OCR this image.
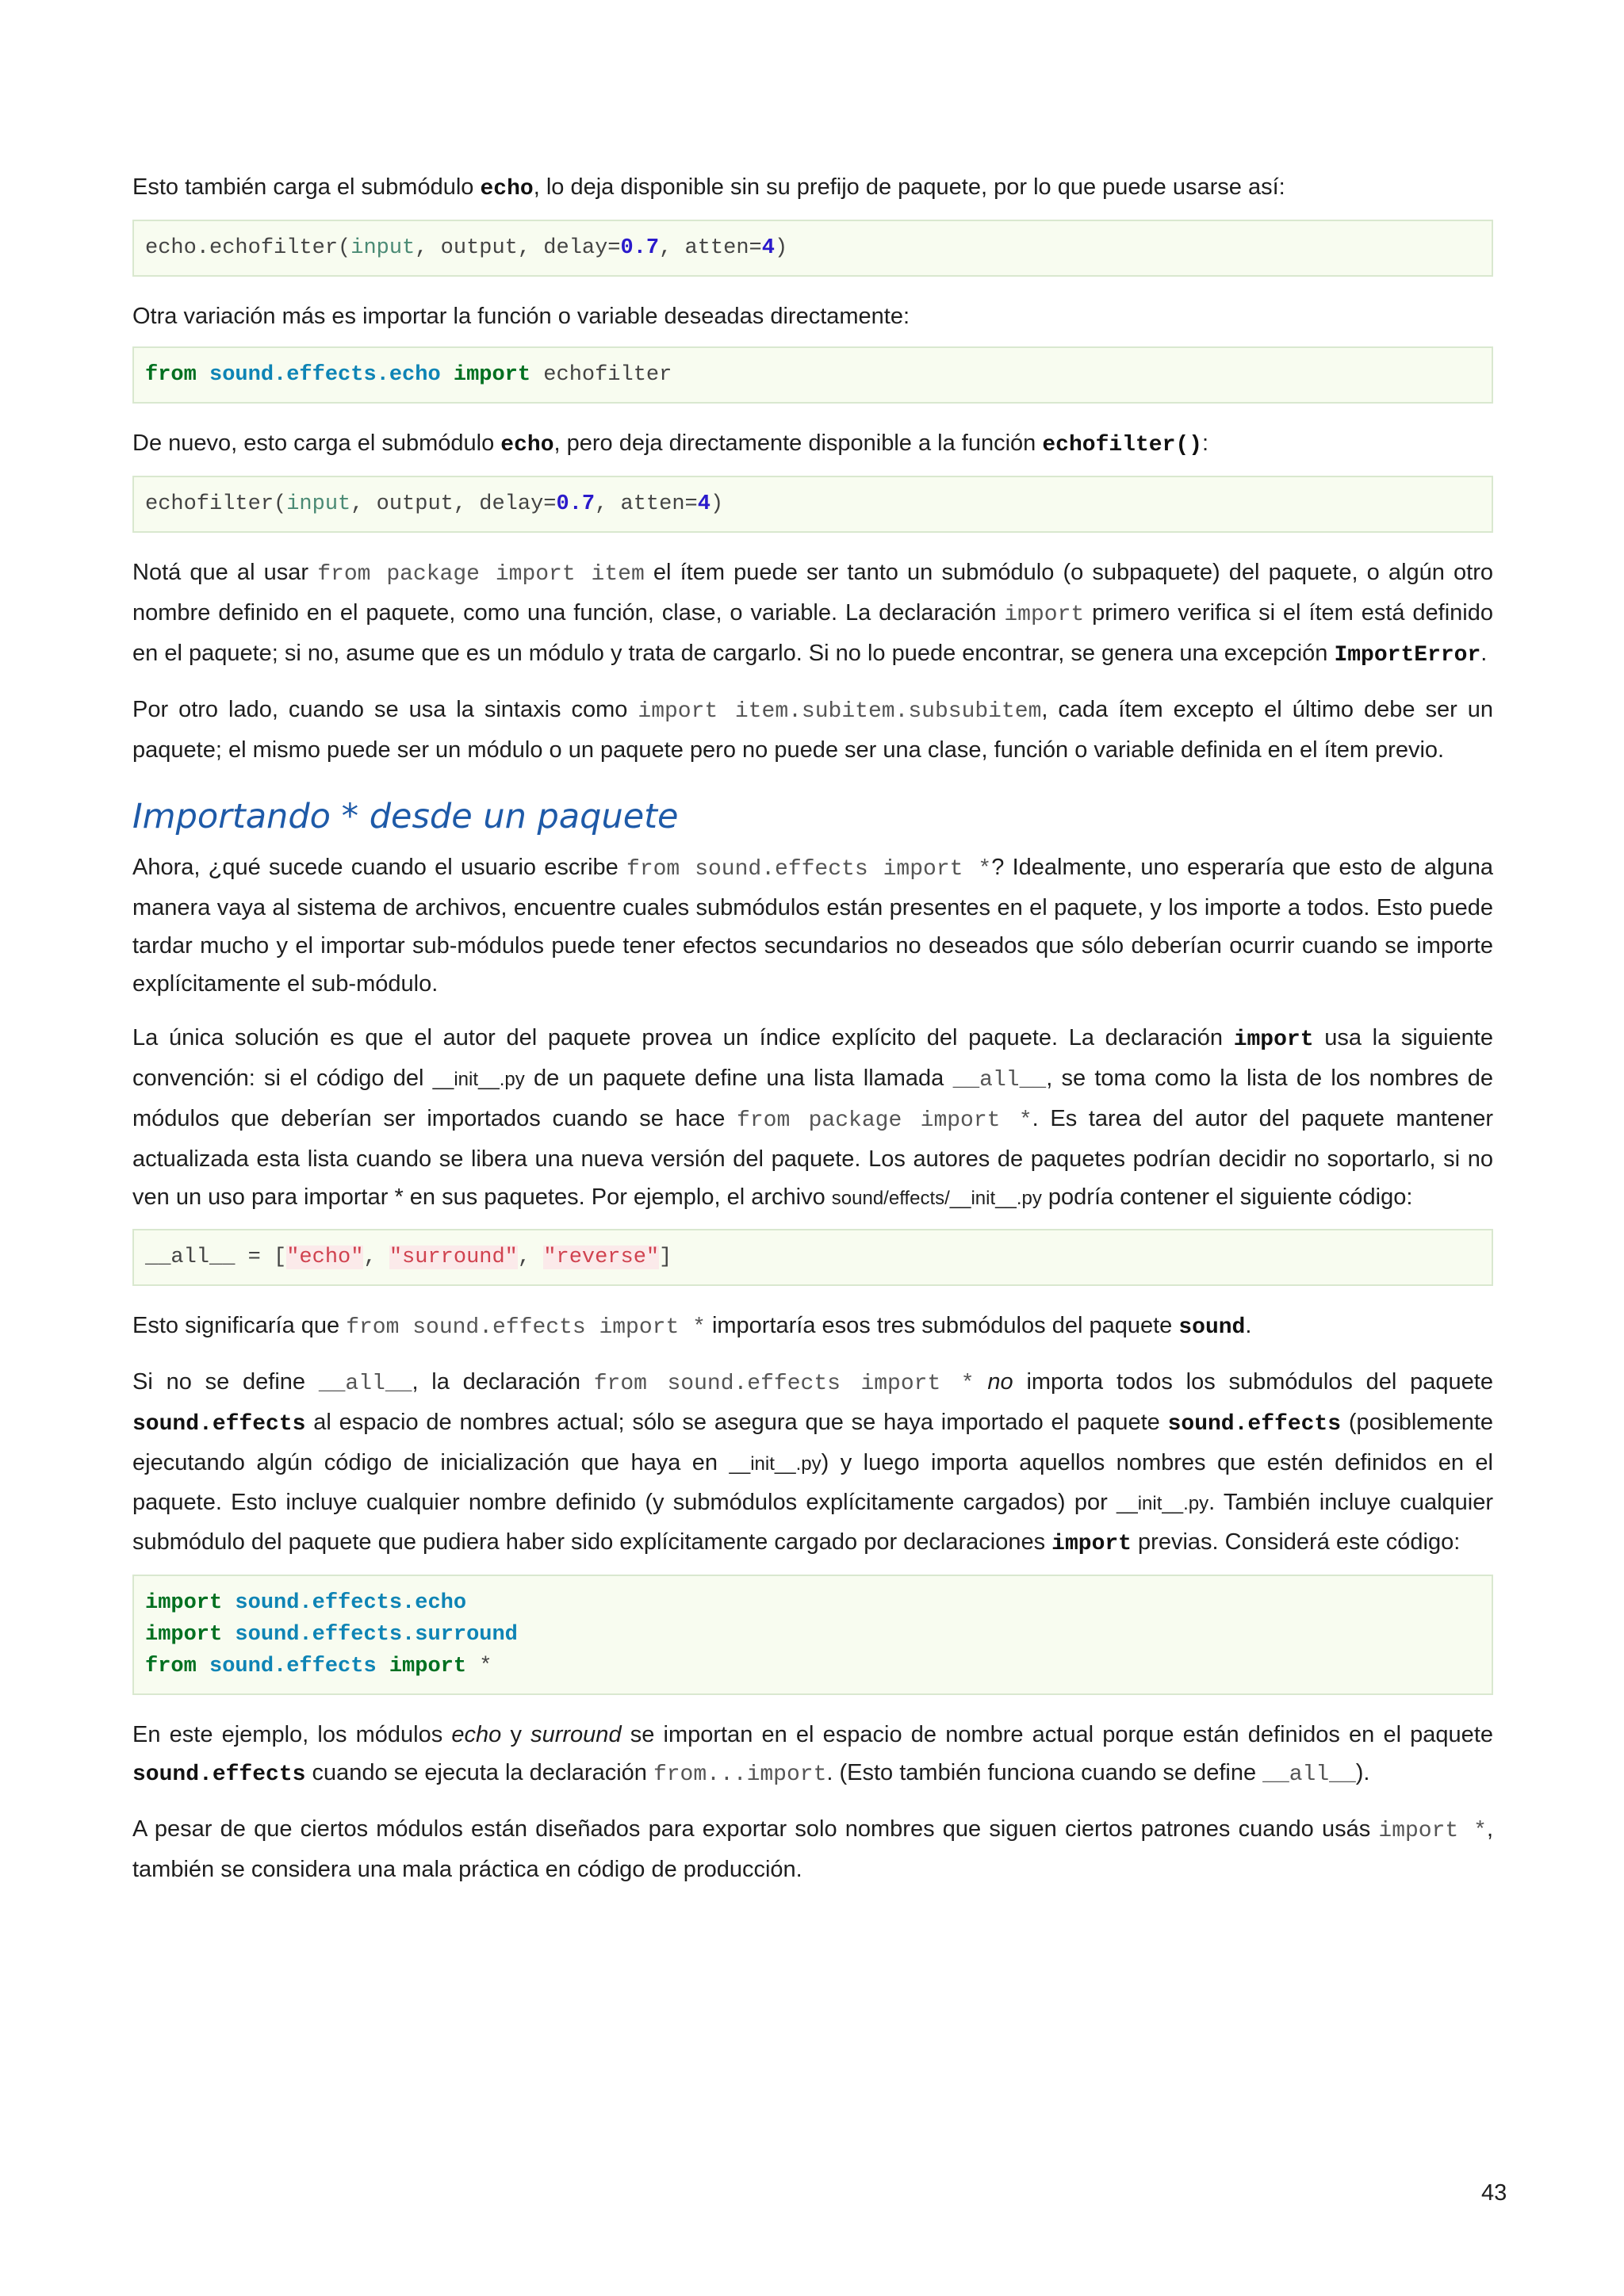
Esto también carga el submódulo echo, lo deja disponible sin su prefijo de paquete, por lo que puede usarse así:

echo.echofilter(input, output, delay=0.7, atten=4)

Otra variación más es importar la función o variable deseadas directamente:

from sound.effects.echo import echofilter

De nuevo, esto carga el submódulo echo, pero deja directamente disponible a la función echofilter():

echofilter(input, output, delay=0.7, atten=4)

Notá que al usar from package import item el ítem puede ser tanto un submódulo (o subpaquete) del paquete, o algún otro nombre definido en el paquete, como una función, clase, o variable. La declaración import primero verifica si el ítem está definido en el paquete; si no, asume que es un módulo y trata de cargarlo. Si no lo puede encontrar, se genera una excepción ImportError.

Por otro lado, cuando se usa la sintaxis como import item.subitem.subsubitem, cada ítem excepto el último debe ser un paquete; el mismo puede ser un módulo o un paquete pero no puede ser una clase, función o variable definida en el ítem previo.

Importando * desde un paquete

Ahora, ¿qué sucede cuando el usuario escribe from sound.effects import *? Idealmente, uno esperaría que esto de alguna manera vaya al sistema de archivos, encuentre cuales submódulos están presentes en el paquete, y los importe a todos. Esto puede tardar mucho y el importar sub-módulos puede tener efectos secundarios no deseados que sólo deberían ocurrir cuando se importe explícitamente el sub-módulo.

La única solución es que el autor del paquete provea un índice explícito del paquete. La declaración import usa la siguiente convención: si el código del __init__.py de un paquete define una lista llamada __all__, se toma como la lista de los nombres de módulos que deberían ser importados cuando se hace from package import *. Es tarea del autor del paquete mantener actualizada esta lista cuando se libera una nueva versión del paquete. Los autores de paquetes podrían decidir no soportarlo, si no ven un uso para importar * en sus paquetes. Por ejemplo, el archivo sound/effects/__init__.py podría contener el siguiente código:

__all__ = ["echo", "surround", "reverse"]

Esto significaría que from sound.effects import * importaría esos tres submódulos del paquete sound.

Si no se define __all__, la declaración from sound.effects import * no importa todos los submódulos del paquete sound.effects al espacio de nombres actual; sólo se asegura que se haya importado el paquete sound.effects (posiblemente ejecutando algún código de inicialización que haya en __init__.py) y luego importa aquellos nombres que estén definidos en el paquete. Esto incluye cualquier nombre definido (y submódulos explícitamente cargados) por __init__.py. También incluye cualquier submódulo del paquete que pudiera haber sido explícitamente cargado por declaraciones import previas. Considerá este código:

import sound.effects.echo
import sound.effects.surround
from sound.effects import *

En este ejemplo, los módulos echo y surround se importan en el espacio de nombre actual porque están definidos en el paquete sound.effects cuando se ejecuta la declaración from...import. (Esto también funciona cuando se define __all__).

A pesar de que ciertos módulos están diseñados para exportar solo nombres que siguen ciertos patrones cuando usás import *, también se considera una mala práctica en código de producción.

43
